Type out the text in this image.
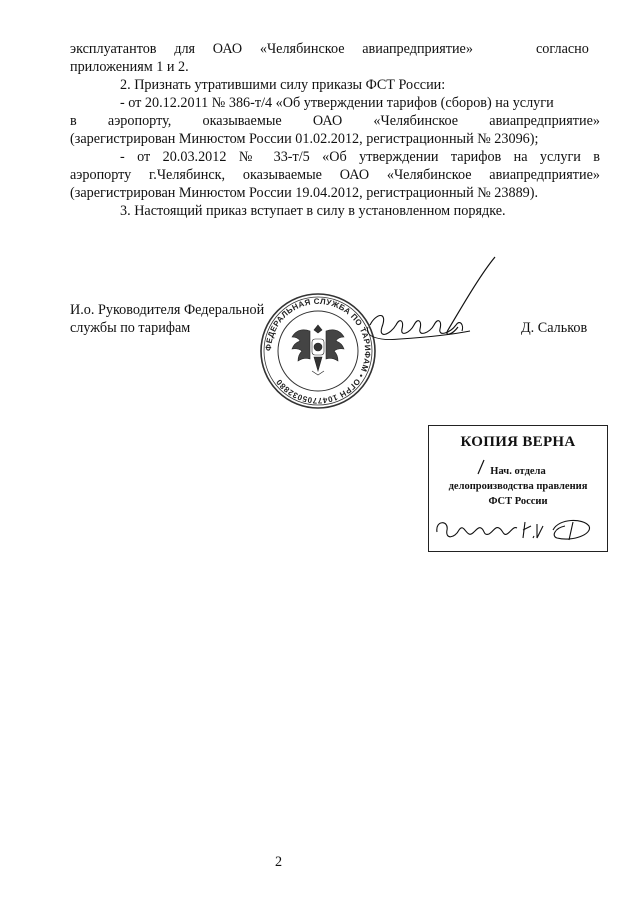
эксплуатантов     для     ОАО     «Челябинское     авиапредприятие»	согласно
приложениям 1 и 2.
2. Признать утратившими силу приказы ФСТ России:
- от 20.12.2011 № 386-т/4 «Об утверждении тарифов (сборов) на услуги
в аэропорту, оказываемые ОАО «Челябинское авиапредприятие»
(зарегистрирован Минюстом России 01.02.2012, регистрационный № 23096);
- от 20.03.2012 № 33-т/5 «Об утверждении тарифов на услуги в
аэропорту г.Челябинск, оказываемые ОАО «Челябинское авиапредприятие»
(зарегистрирован Минюстом России 19.04.2012, регистрационный № 23889).
3. Настоящий приказ вступает в силу в установленном порядке.
И.о. Руководителя Федеральной
службы по тарифам	Д. Сальков
ФЕДЕРАЛЬНАЯ СЛУЖБА ПО ТАРИФАМ • ОГРН 1047705032880
КОПИЯ ВЕРНА
Нач. отдела
делопроизводства правления
ФСТ России
2
